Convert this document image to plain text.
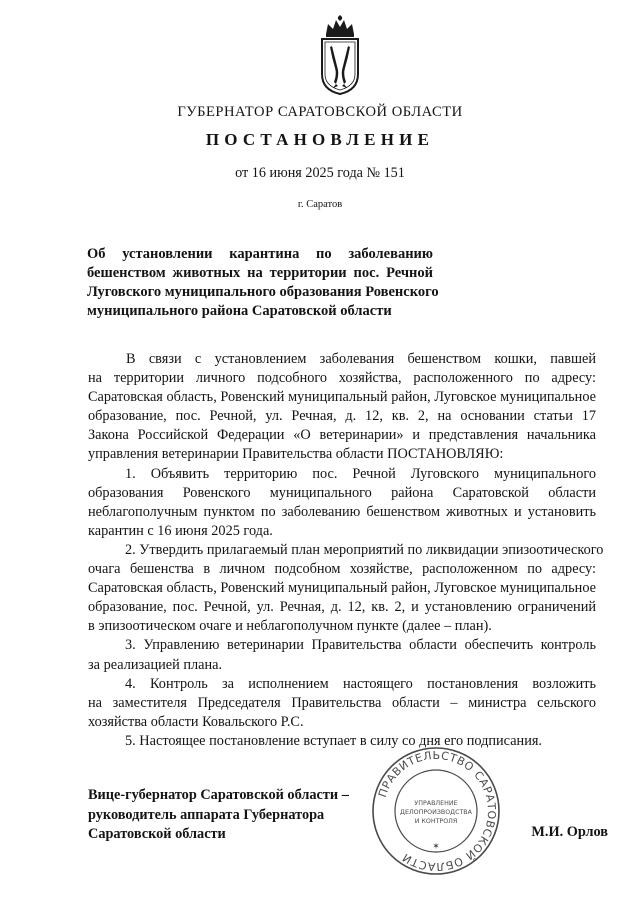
ГУБЕРНАТОР САРАТОВСКОЙ ОБЛАСТИ
ПОСТАНОВЛЕНИЕ
от 16 июня 2025 года № 151
г. Саратов
Об установлении карантина по заболеванию
бешенством животных на территории пос. Речной
Луговского муниципального образования Ровенского
муниципального района Саратовской области
В связи с установлением заболевания бешенством кошки, павшей
на территории личного подсобного хозяйства, расположенного по адресу:
Саратовская область, Ровенский муниципальный район, Луговское муниципальное
образование, пос. Речной, ул. Речная, д. 12, кв. 2, на основании статьи 17
Закона Российской Федерации «О ветеринарии» и представления начальника
управления ветеринарии Правительства области ПОСТАНОВЛЯЮ:
1. Объявить территорию пос. Речной Луговского муниципального
образования Ровенского муниципального района Саратовской области
неблагополучным пунктом по заболеванию бешенством животных и установить
карантин с 16 июня 2025 года.
2. Утвердить прилагаемый план мероприятий по ликвидации эпизоотического
очага бешенства в личном подсобном хозяйстве, расположенном по адресу:
Саратовская область, Ровенский муниципальный район, Луговское муниципальное
образование, пос. Речной, ул. Речная, д. 12, кв. 2, и установлению ограничений
в эпизоотическом очаге и неблагополучном пункте (далее – план).
3. Управлению ветеринарии Правительства области обеспечить контроль
за реализацией плана.
4. Контроль за исполнением настоящего постановления возложить
на заместителя Председателя Правительства области – министра сельского
хозяйства области Ковальского Р.С.
5. Настоящее постановление вступает в силу со дня его подписания.
Вице-губернатор Саратовской области –
руководитель аппарата Губернатора
Саратовской области
ПРАВИТЕЛЬСТВО САРАТОВСКОЙ ОБЛАСТИ
✶
УПРАВЛЕНИЕ
ДЕЛОПРОИЗВОДСТВА
И КОНТРОЛЯ
М.И. Орлов
